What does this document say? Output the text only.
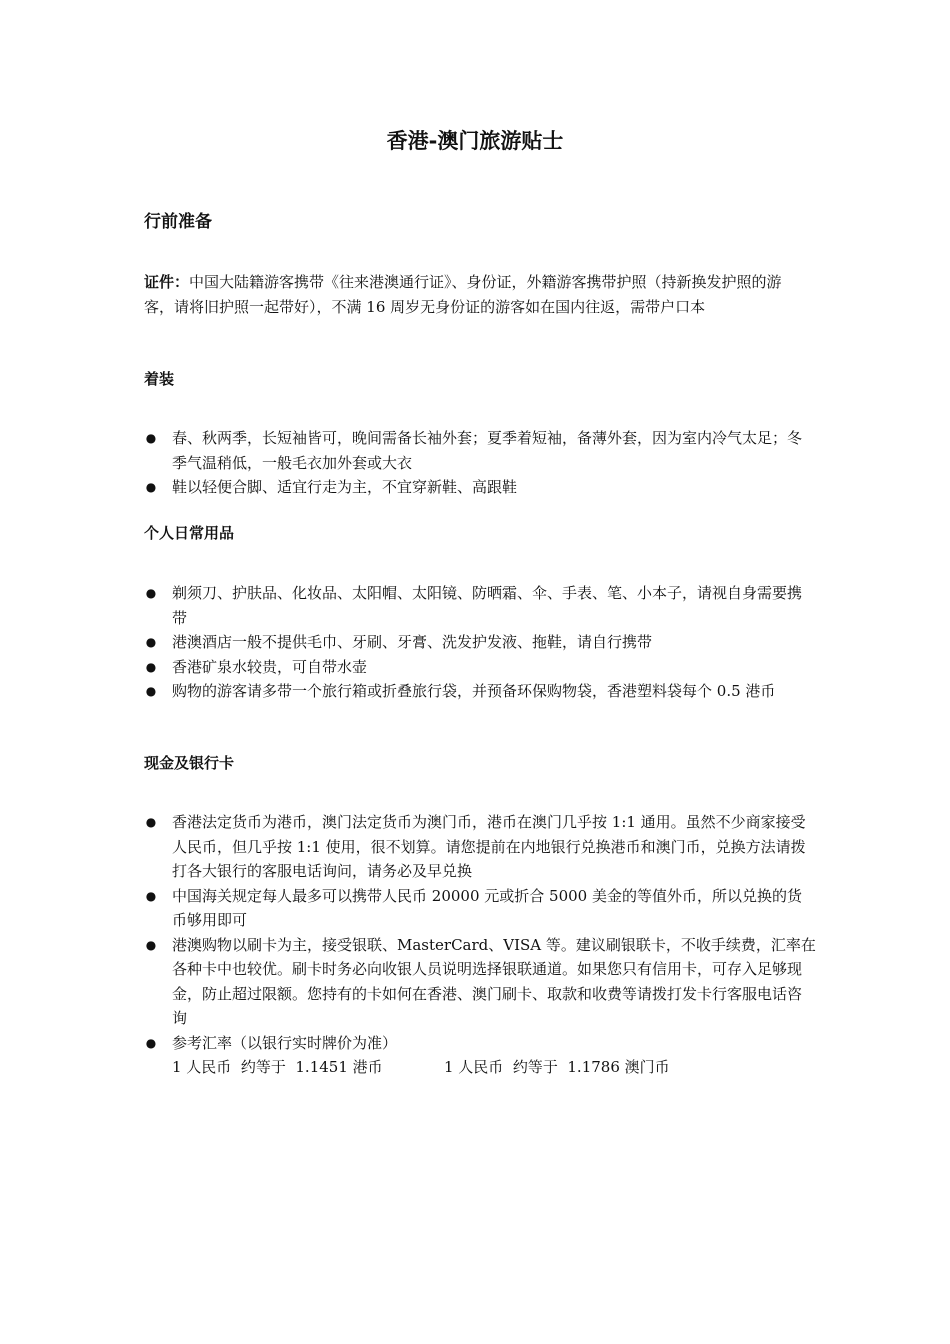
香港-澳门旅游贴士
行前准备

证件：中国大陆籍游客携带《往来港澳通行证》、身份证，外籍游客携带护照（持新换发护照的游客，请将旧护照一起带好），不满 16 周岁无身份证的游客如在国内往返，需带户口本

着装
● 春、秋两季，长短袖皆可，晚间需备长袖外套；夏季着短袖，备薄外套，因为室内冷气太足；冬季气温稍低，一般毛衣加外套或大衣
● 鞋以轻便合脚、适宜行走为主，不宜穿新鞋、高跟鞋
个人日常用品
● 剃须刀、护肤品、化妆品、太阳帽、太阳镜、防晒霜、伞、手表、笔、小本子，请视自身需要携带
● 港澳酒店一般不提供毛巾、牙刷、牙膏、洗发护发液、拖鞋，请自行携带
● 香港矿泉水较贵，可自带水壶
● 购物的游客请多带一个旅行箱或折叠旅行袋，并预备环保购物袋，香港塑料袋每个 0.5 港币
现金及银行卡
● 香港法定货币为港币，澳门法定货币为澳门币，港币在澳门几乎按 1:1 通用。虽然不少商家接受人民币，但几乎按 1:1 使用，很不划算。请您提前在内地银行兑换港币和澳门币，兑换方法请拨打各大银行的客服电话询问，请务必及早兑换
● 中国海关规定每人最多可以携带人民币 20000 元或折合 5000 美金的等值外币，所以兑换的货币够用即可
● 港澳购物以刷卡为主，接受银联、MasterCard、VISA 等。建议刷银联卡，不收手续费，汇率在各种卡中也较优。刷卡时务必向收银人员说明选择银联通道。如果您只有信用卡，可存入足够现金，防止超过限额。您持有的卡如何在香港、澳门刷卡、取款和收费等请拨打发卡行客服电话咨询
● 参考汇率（以银行实时牌价为准）
1 人民币  约等于  1.1451 港币	1 人民币  约等于  1.1786 澳门币
